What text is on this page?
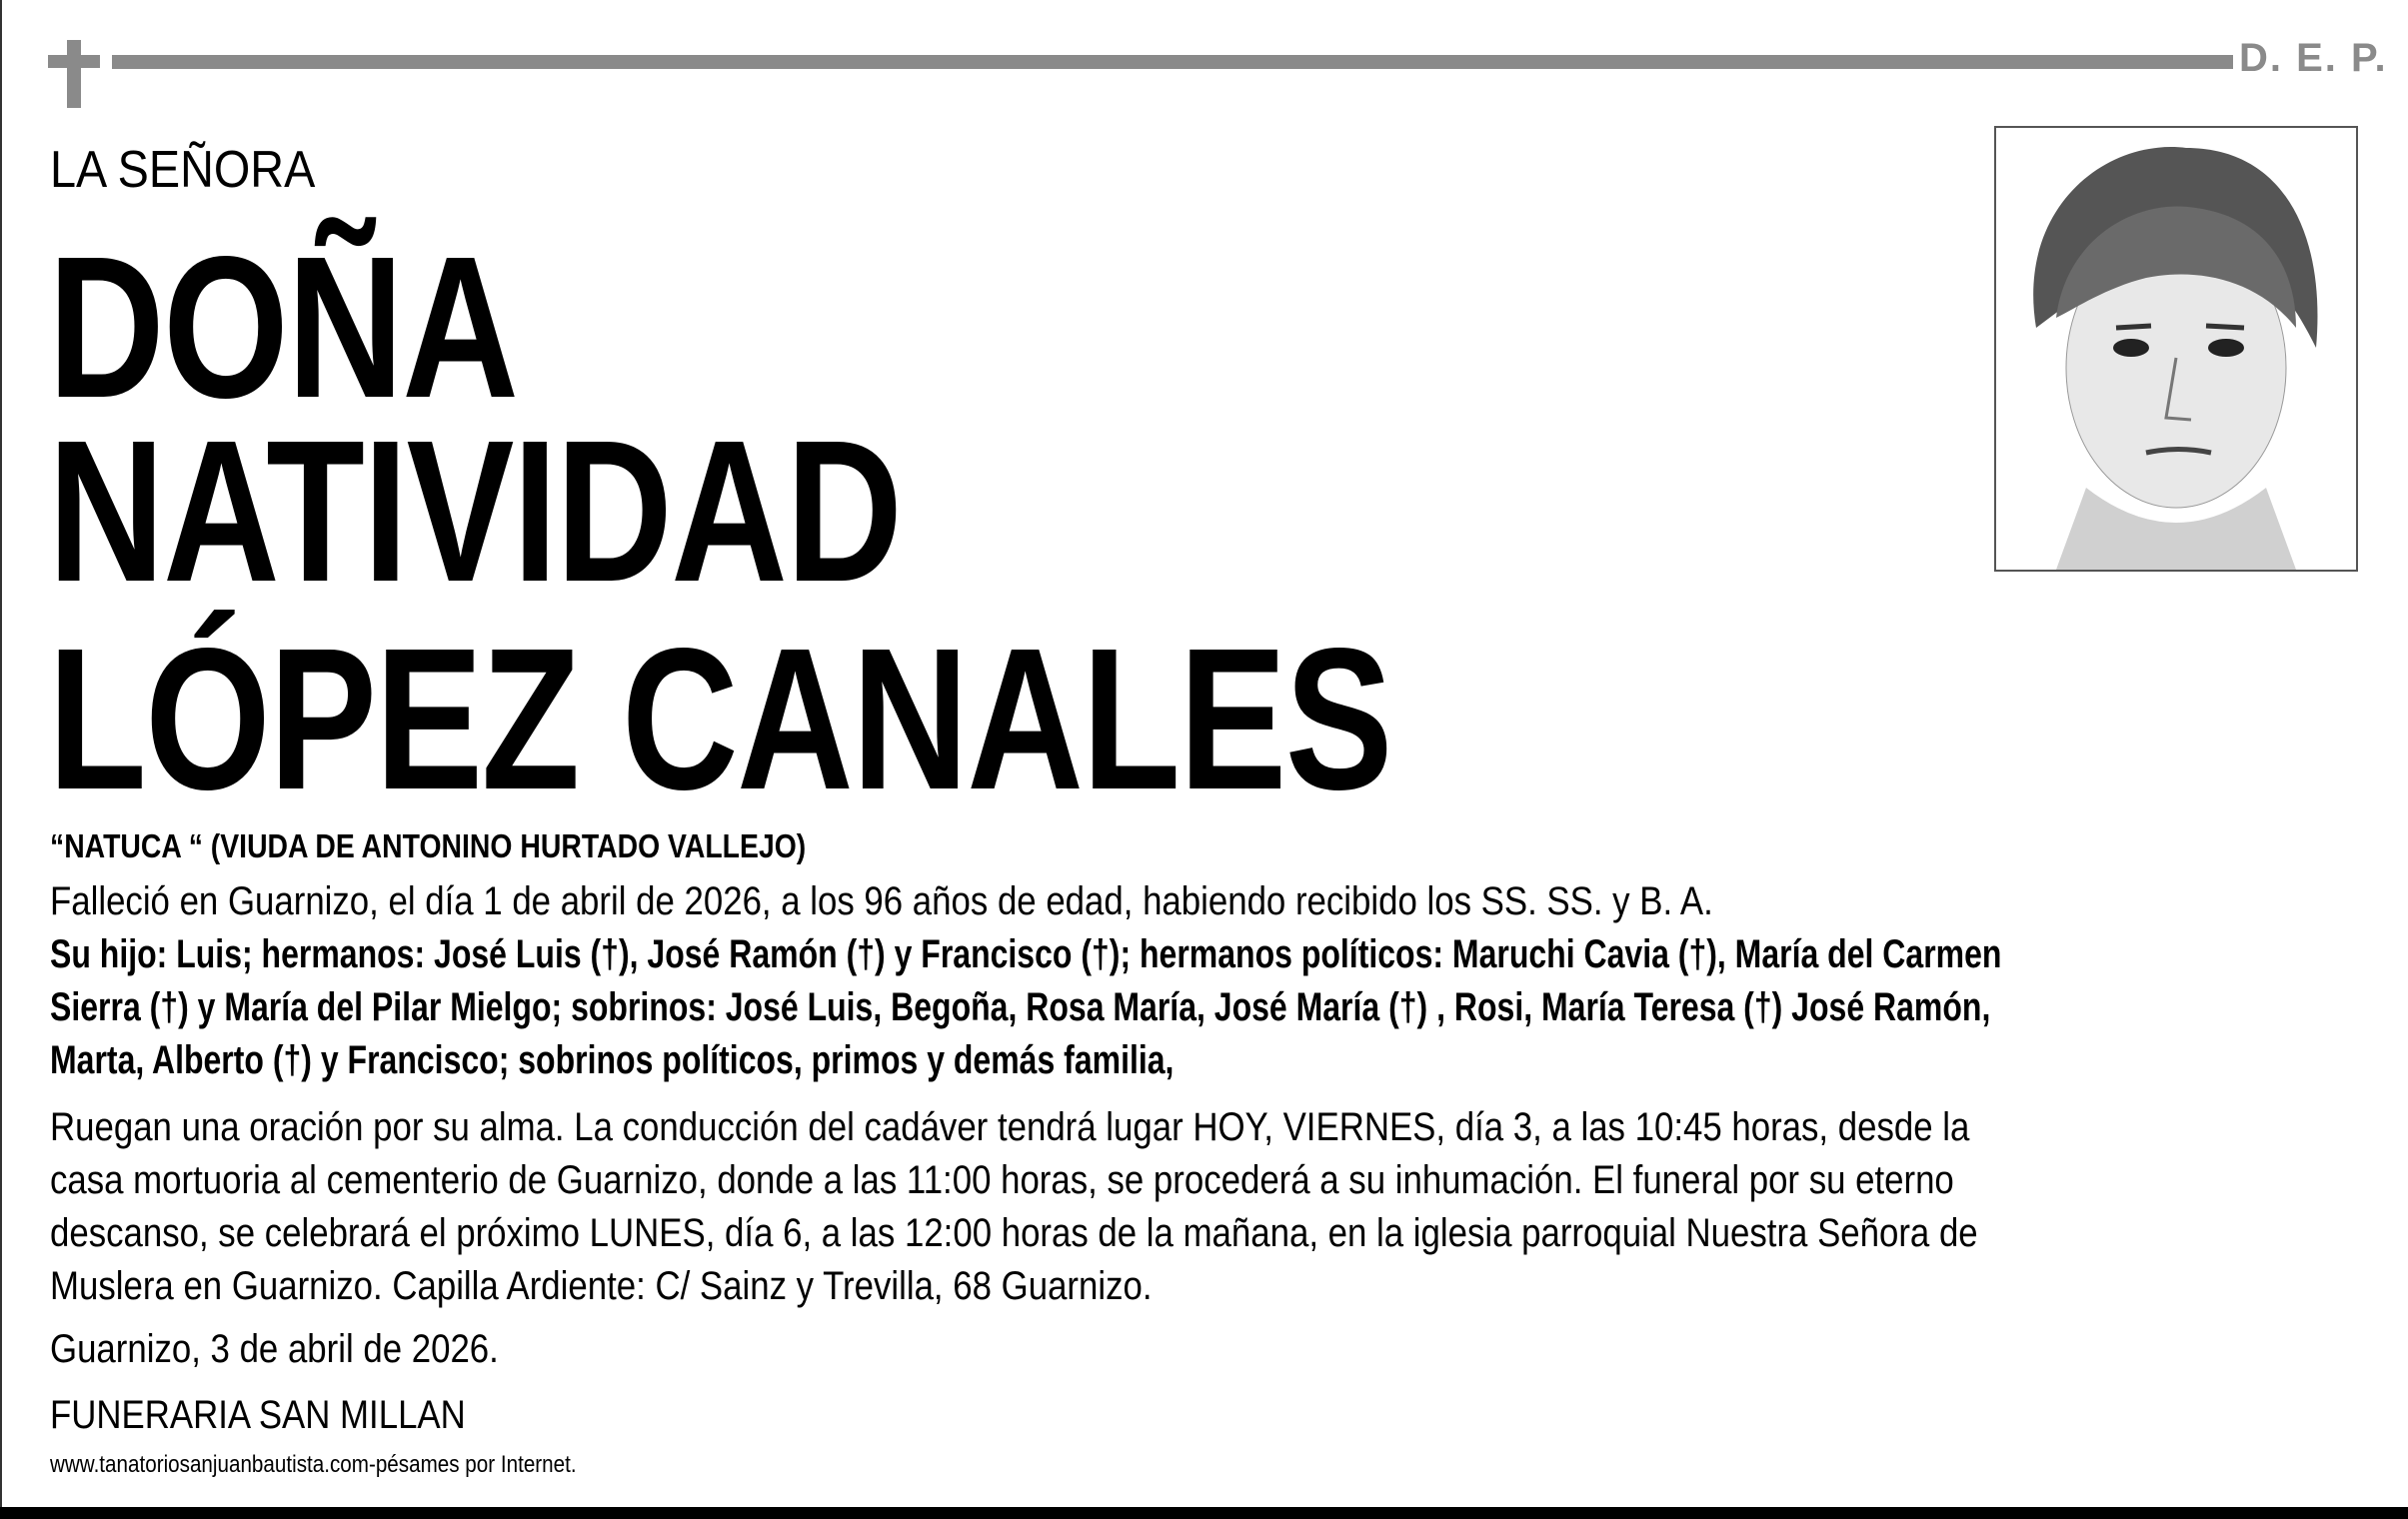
D. E. P.
LA SEÑORA
DOÑA
NATIVIDAD
LÓPEZ CANALES
“NATUCA “ (VIUDA DE ANTONINO HURTADO VALLEJO)
Falleció en Guarnizo, el día 1 de abril de 2026, a los 96 años de edad, habiendo recibido los SS. SS. y B. A.
Su hijo: Luis; hermanos: José Luis (†), José Ramón (†) y Francisco (†); hermanos políticos: Maruchi Cavia (†), María del Carmen
Sierra (†) y María del Pilar Mielgo; sobrinos: José Luis, Begoña, Rosa María, José María (†) , Rosi, María Teresa (†) José Ramón,
Marta, Alberto (†) y Francisco; sobrinos políticos, primos y demás familia,
Ruegan una oración por su alma. La conducción del cadáver tendrá lugar HOY, VIERNES, día 3, a las 10:45 horas, desde la
casa mortuoria al cementerio de Guarnizo, donde a las 11:00 horas, se procederá a su inhumación. El funeral por su eterno
descanso, se celebrará el próximo LUNES, día 6, a las 12:00 horas de la mañana, en la iglesia parroquial Nuestra Señora de
Muslera en Guarnizo. Capilla Ardiente: C/ Sainz y Trevilla, 68 Guarnizo.
Guarnizo, 3 de abril de 2026.
FUNERARIA SAN MILLAN
www.tanatoriosanjuanbautista.com-pésames por Internet.
